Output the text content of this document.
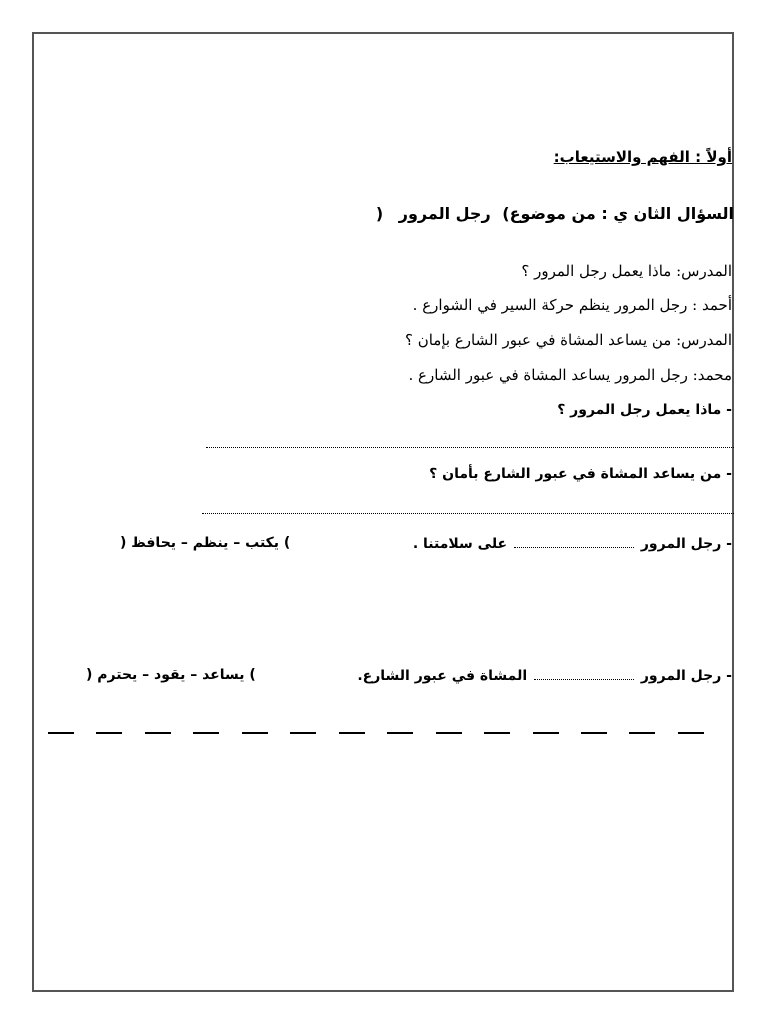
أولاً : الفهم والاستيعاب:
السؤال الثان ي : من موضوع) رجل المرور (
المدرس: ماذا يعمل رجل المرور ؟
أحمد : رجل المرور ينظم حركة السير في الشوارع .
المدرس: من يساعد المشاة في عبور الشارع بإمان ؟
محمد: رجل المرور يساعد المشاة في عبور الشارع .
- ماذا يعمل رجل المرور ؟
- من يساعد المشاة في عبور الشارع بأمان ؟
- رجل المرور  على سلامتنا .
) يكتب – ينظم – يحافظ (
- رجل المرور  المشاة في عبور الشارع.
) يساعد – يقود – يحترم (
